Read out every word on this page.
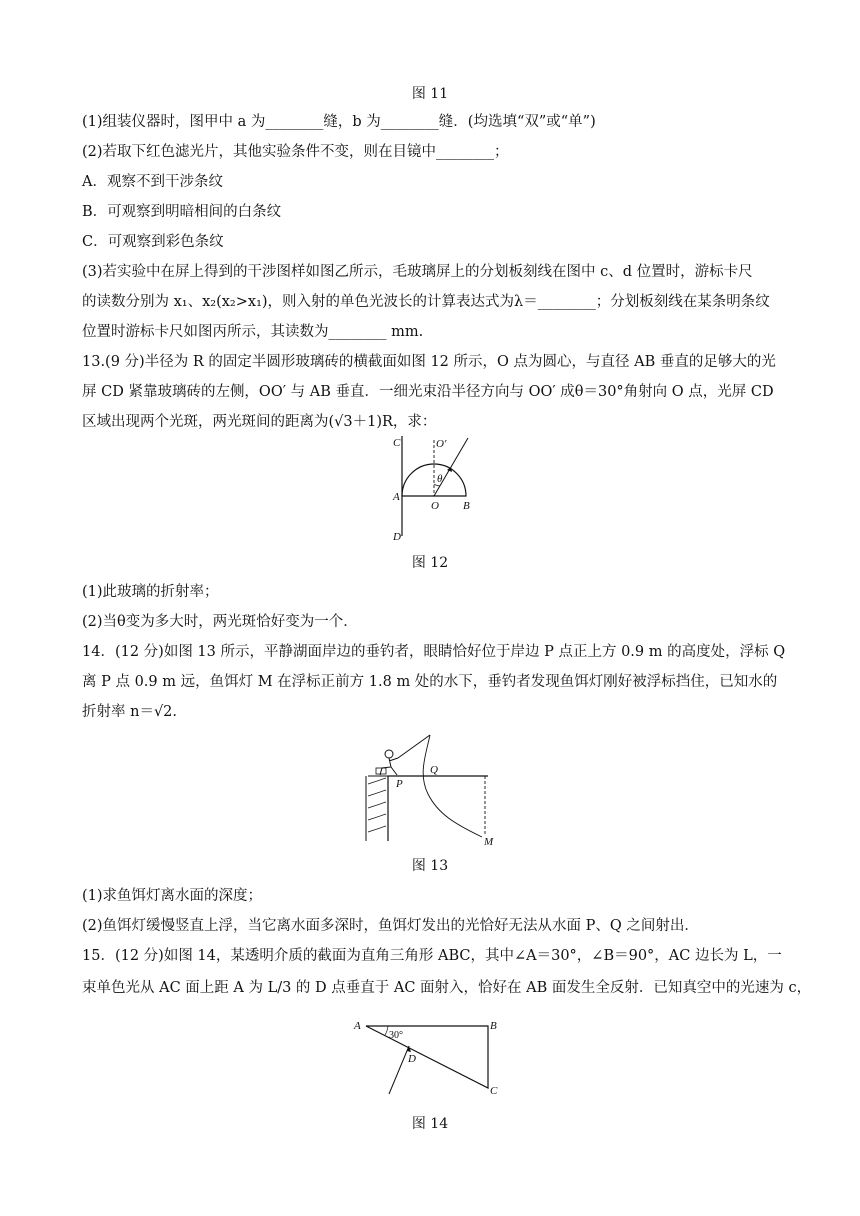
图 11
(1)组装仪器时，图甲中 a 为________缝，b 为________缝．(均选填“双”或“单”)
(2)若取下红色滤光片，其他实验条件不变，则在目镜中________；
A．观察不到干涉条纹
B．可观察到明暗相间的白条纹
C．可观察到彩色条纹
(3)若实验中在屏上得到的干涉图样如图乙所示，毛玻璃屏上的分划板刻线在图中 c、d 位置时，游标卡尺
的读数分别为 x₁、x₂(x₂>x₁)，则入射的单色光波长的计算表达式为λ＝________；分划板刻线在某条明条纹
位置时游标卡尺如图丙所示，其读数为________ mm.
13.(9 分)半径为 R 的固定半圆形玻璃砖的横截面如图 12 所示，O 点为圆心，与直径 AB 垂直的足够大的光
屏 CD 紧靠玻璃砖的左侧，OO′ 与 AB 垂直．一细光束沿半径方向与 OO′ 成θ＝30°角射向 O 点，光屏 CD
区域出现两个光斑，两光斑间的距离为(√3＋1)R，求：
C	O′
θ
A
O B
D
图 12
(1)此玻璃的折射率；
(2)当θ变为多大时，两光斑恰好变为一个．
14．(12 分)如图 13 所示，平静湖面岸边的垂钓者，眼睛恰好位于岸边 P 点正上方 0.9 m 的高度处，浮标 Q
离 P 点 0.9 m 远，鱼饵灯 M 在浮标正前方 1.8 m 处的水下，垂钓者发现鱼饵灯刚好被浮标挡住，已知水的
折射率 n＝√2.
P
Q
M
图 13
(1)求鱼饵灯离水面的深度；
(2)鱼饵灯缓慢竖直上浮，当它离水面多深时，鱼饵灯发出的光恰好无法从水面 P、Q 之间射出．
15．(12 分)如图 14，某透明介质的截面为直角三角形 ABC，其中∠A＝30°，∠B＝90°，AC 边长为 L，一
束单色光从 AC 面上距 A 为 L/3 的 D 点垂直于 AC 面射入，恰好在 AB 面发生全反射．已知真空中的光速为 c，
A	B
C
D
30°
图 14
